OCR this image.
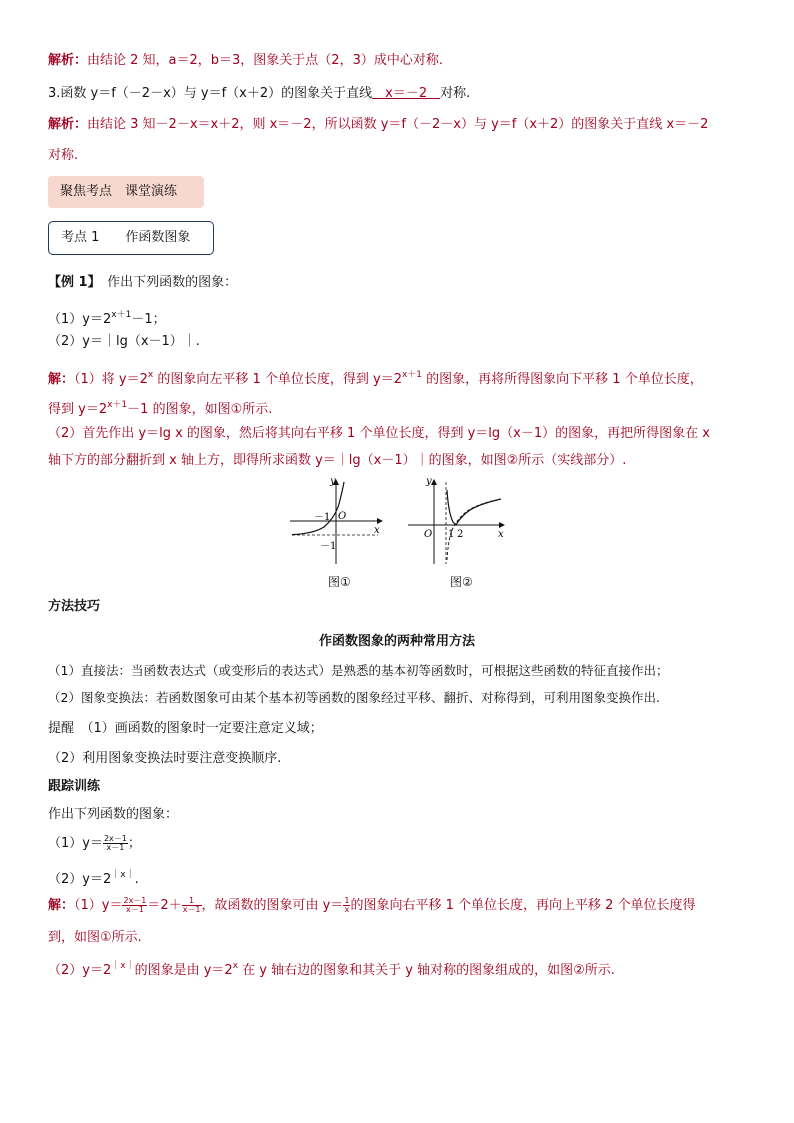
解析：由结论 2 知，a＝2，b＝3，图象关于点（2，3）成中心对称.
3.函数 y＝f（－2－x）与 y＝f（x＋2）的图象关于直线　x＝－2　对称.
解析：由结论 3 知－2－x＝x＋2，则 x＝－2，所以函数 y＝f（－2－x）与 y＝f（x＋2）的图象关于直线 x＝－2
对称.
聚焦考点　课堂演练
考点 1　　作函数图象
【例 1】　作出下列函数的图象：
$(1)y=2^{x+1}-1$；
（2）y＝｜lg（x－1）｜.
解：（1）将 $y=2^x$ 的图象向左平移 1 个单位长度，得到 $y=2^{x+1}$ 的图象，再将所得图象向下平移 1 个单位长度，
得到 $y=2^{x+1}-1$ 的图象，如图①所示.
（2）首先作出 y＝lg x 的图象，然后将其向右平移 1 个单位长度，得到 y＝lg（x－1）的图象，再把所得图象在 x
轴下方的部分翻折到 x 轴上方，即得所求函数 y＝｜lg（x－1）｜的图象，如图②所示（实线部分）.
y
x
O
－1
－1
图①
y
x
O 1 2
图②
方法技巧
作函数图象的两种常用方法
（1）直接法：当函数表达式（或变形后的表达式）是熟悉的基本初等函数时，可根据这些函数的特征直接作出；
（2）图象变换法：若函数图象可由某个基本初等函数的图象经过平移、翻折、对称得到，可利用图象变换作出.
提醒　（1）画函数的图象时一定要注意定义域；
（2）利用图象变换法时要注意变换顺序.
跟踪训练
作出下列函数的图象：
$(1)y= \frac{2x-1}{x-1}$ ；
$(2)y=2^{|x|}$.
解：$(1)y= \frac{2x-1}{x-1} =2+ \frac{1}{x-1}$ ，故函数的图象可由 $y= \frac{1}{x}$ 的图象向右平移 1 个单位长度，再向上平移 2 个单位长度得
到，如图①所示.
$(2)y=2^{|x|}$的图象是由 $y=2^x$ 在 y 轴右边的图象和其关于 y 轴对称的图象组成的，如图②所示.
